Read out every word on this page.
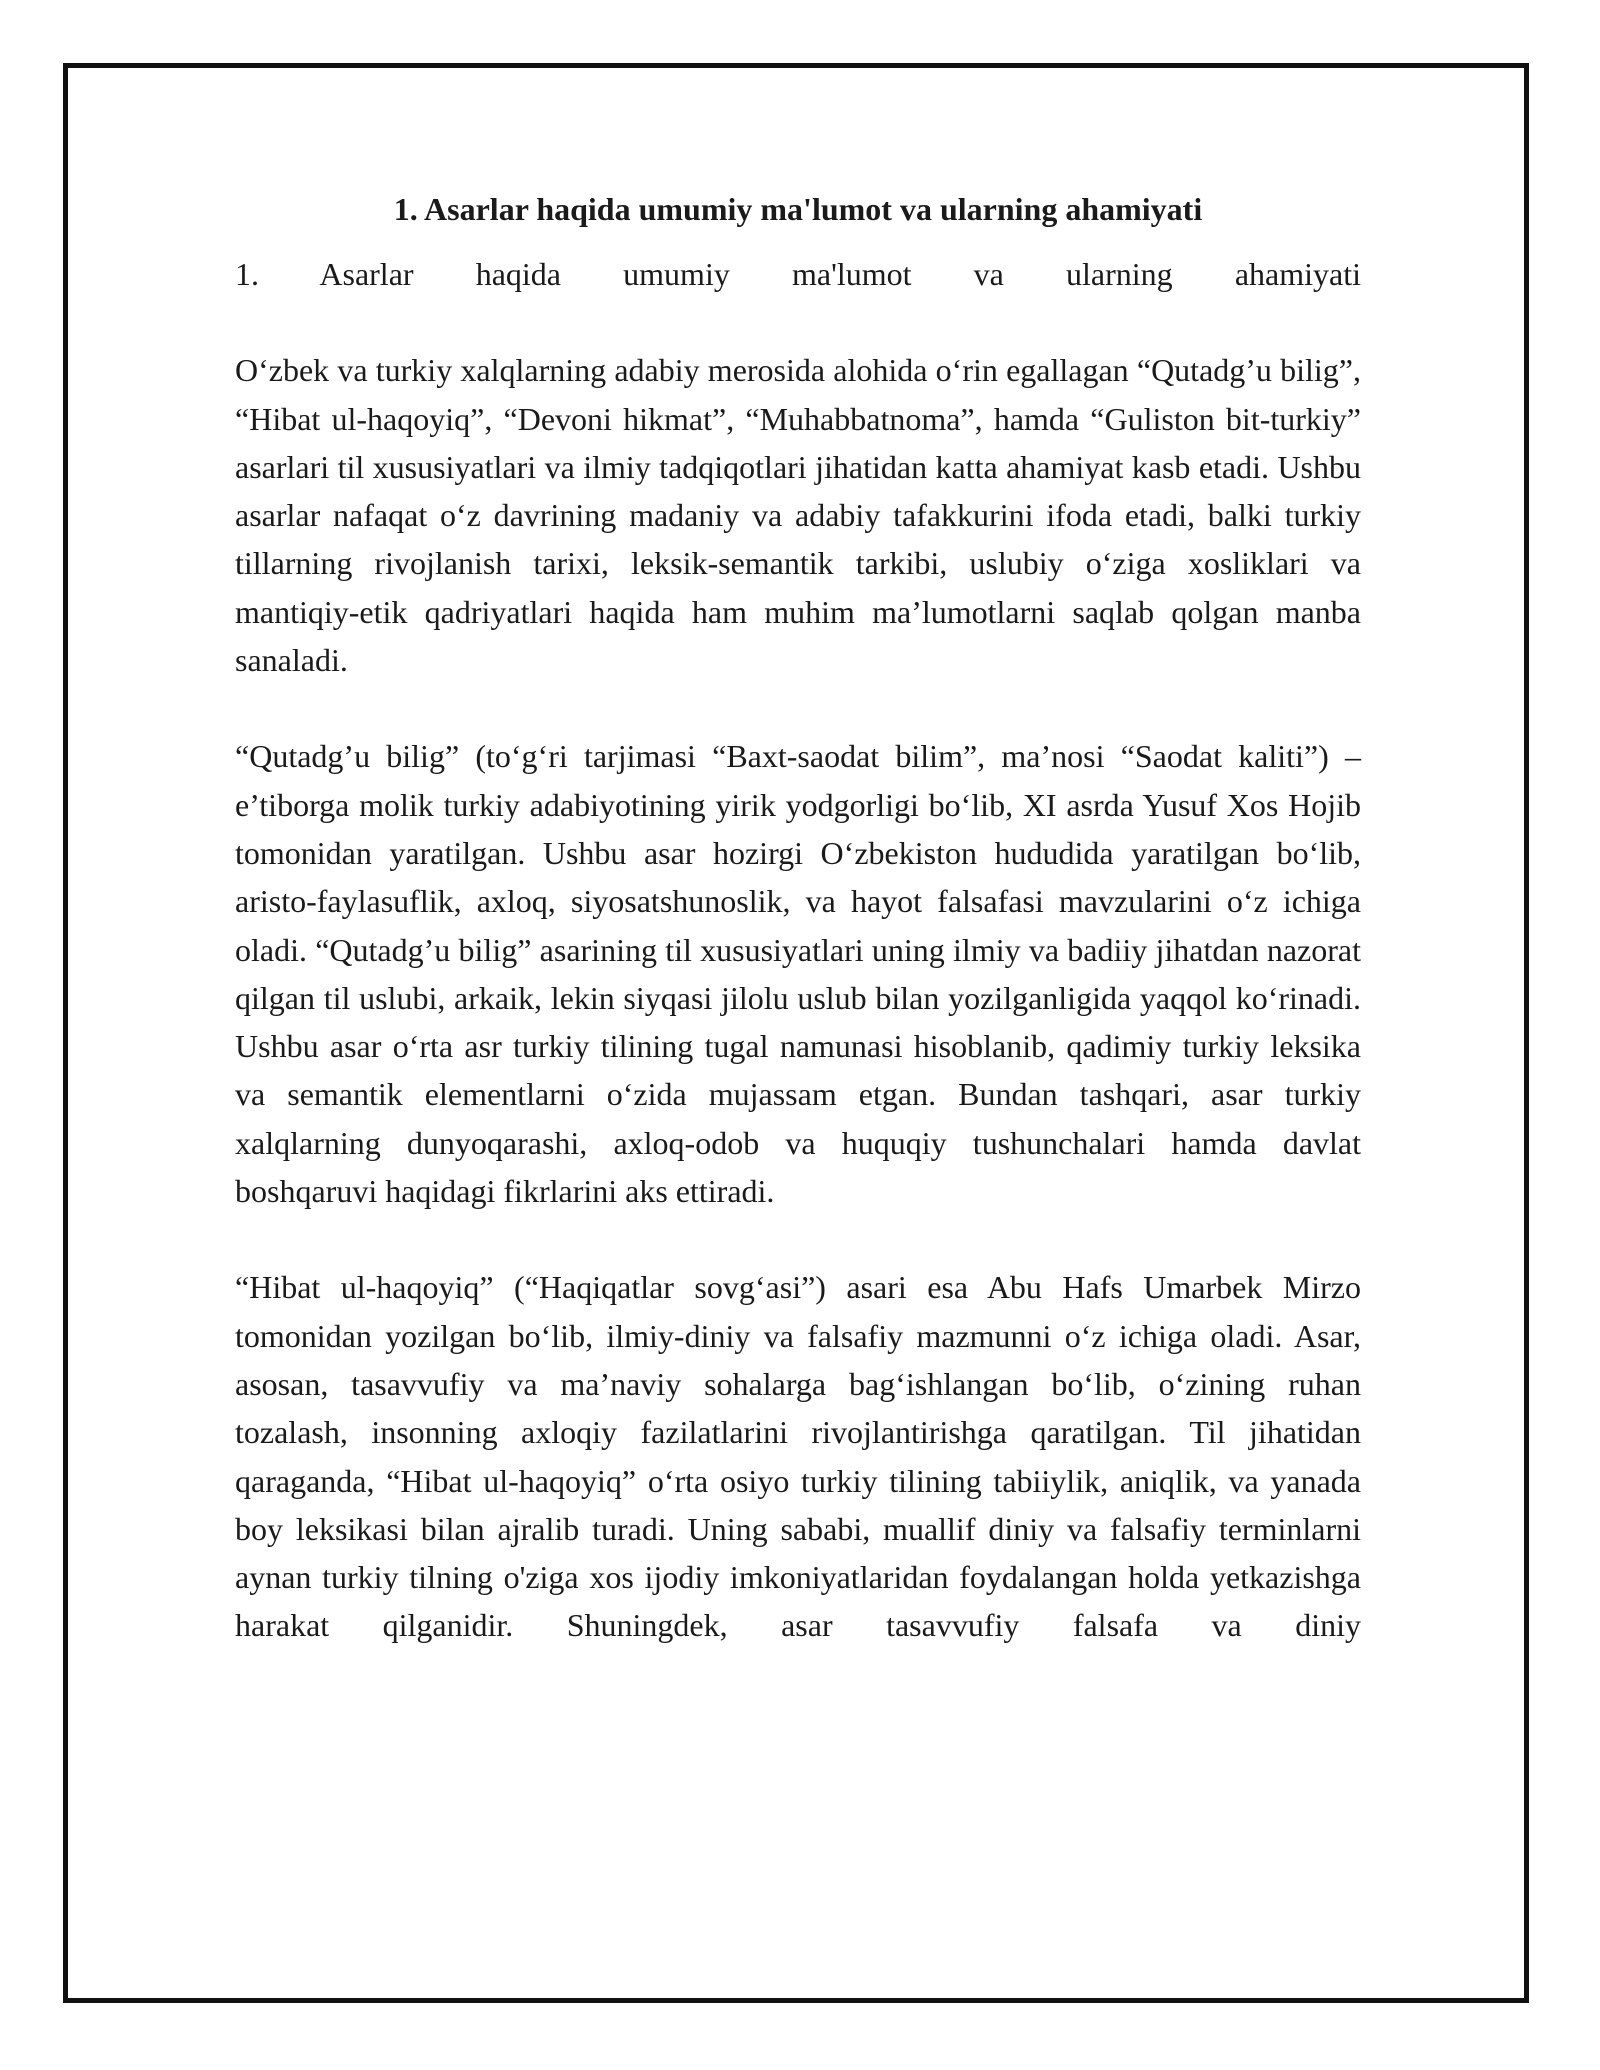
1. Asarlar haqida umumiy ma'lumot va ularning ahamiyati

1. Asarlar haqida umumiy ma'lumot va ularning ahamiyati

O‘zbek va turkiy xalqlarning adabiy merosida alohida o‘rin egallagan “Qutadg’u bilig”, “Hibat ul-haqoyiq”, “Devoni hikmat”, “Muhabbatnoma”, hamda “Guliston bit-turkiy” asarlari til xususiyatlari va ilmiy tadqiqotlari jihatidan katta ahamiyat kasb etadi. Ushbu asarlar nafaqat o‘z davrining madaniy va adabiy tafakkurini ifoda etadi, balki turkiy tillarning rivojlanish tarixi, leksik-semantik tarkibi, uslubiy o‘ziga xosliklari va mantiqiy-etik qadriyatlari haqida ham muhim ma’lumotlarni saqlab qolgan manba sanaladi.

“Qutadg’u bilig” (to‘g‘ri tarjimasi “Baxt-saodat bilim”, ma’nosi “Saodat kaliti”) – e’tiborga molik turkiy adabiyotining yirik yodgorligi bo‘lib, XI asrda Yusuf Xos Hojib tomonidan yaratilgan. Ushbu asar hozirgi O‘zbekiston hududida yaratilgan bo‘lib, aristo-faylasuflik, axloq, siyosatshunoslik, va hayot falsafasi mavzularini o‘z ichiga oladi. “Qutadg’u bilig” asarining til xususiyatlari uning ilmiy va badiiy jihatdan nazorat qilgan til uslubi, arkaik, lekin siyqasi jilolu uslub bilan yozilganligida yaqqol ko‘rinadi. Ushbu asar o‘rta asr turkiy tilining tugal namunasi hisoblanib, qadimiy turkiy leksika va semantik elementlarni o‘zida mujassam etgan. Bundan tashqari, asar turkiy xalqlarning dunyoqarashi, axloq-odob va huquqiy tushunchalari hamda davlat boshqaruvi haqidagi fikrlarini aks ettiradi.

“Hibat ul-haqoyiq” (“Haqiqatlar sovg‘asi”) asari esa Abu Hafs Umarbek Mirzo tomonidan yozilgan bo‘lib, ilmiy-diniy va falsafiy mazmunni o‘z ichiga oladi. Asar, asosan, tasavvufiy va ma’naviy sohalarga bag‘ishlangan bo‘lib, o‘zining ruhan tozalash, insonning axloqiy fazilatlarini rivojlantirishga qaratilgan. Til jihatidan qaraganda, “Hibat ul-haqoyiq” o‘rta osiyo turkiy tilining tabiiylik, aniqlik, va yanada boy leksikasi bilan ajralib turadi. Uning sababi, muallif diniy va falsafiy terminlarni aynan turkiy tilning o'ziga xos ijodiy imkoniyatlaridan foydalangan holda yetkazishga harakat qilganidir. Shuningdek, asar tasavvufiy falsafa va diniy
